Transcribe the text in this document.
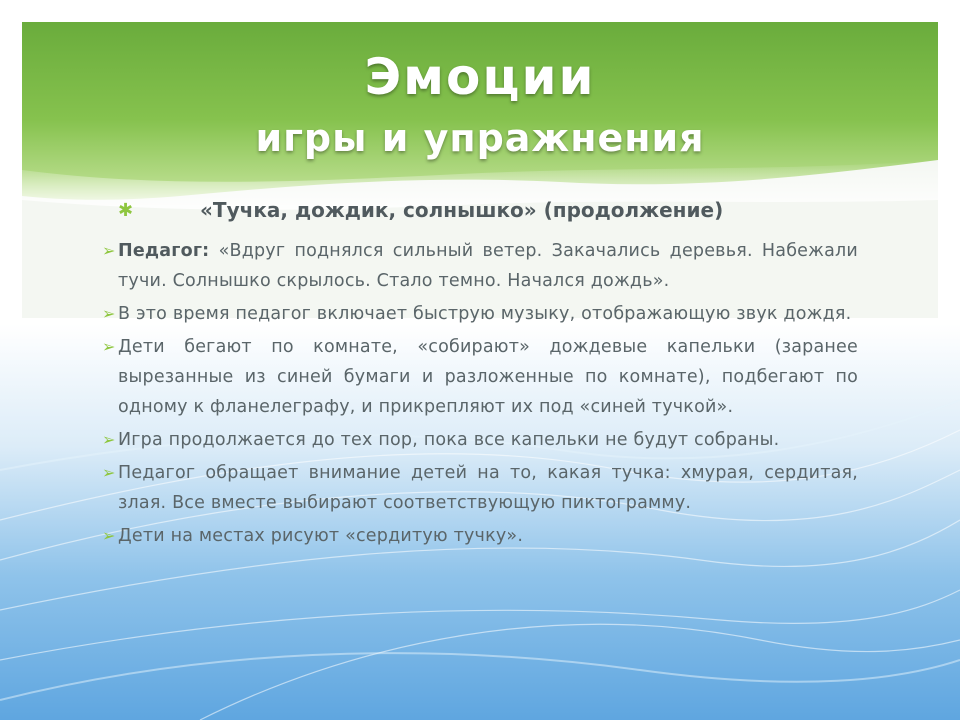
Эмоции
игры и упражнения
✱	«Тучка, дождик, солнышко» (продолжение)
➢ Педагог: «Вдруг поднялся сильный ветер. Закачались деревья. Набежали тучи. Солнышко скрылось. Стало темно. Начался дождь».
➢ В это время педагог включает быструю музыку, отображающую звук дождя.
➢ Дети бегают по комнате, «собирают» дождевые капельки (заранее вырезанные из синей бумаги и разложенные по комнате), подбегают по одному к фланелеграфу, и прикрепляют их под «синей тучкой».
➢ Игра продолжается до тех пор, пока все капельки не будут собраны.
➢ Педагог обращает внимание детей на то, какая тучка: хмурая, сердитая, злая. Все вместе выбирают соответствующую пиктограмму.
➢ Дети на местах рисуют «сердитую тучку».
